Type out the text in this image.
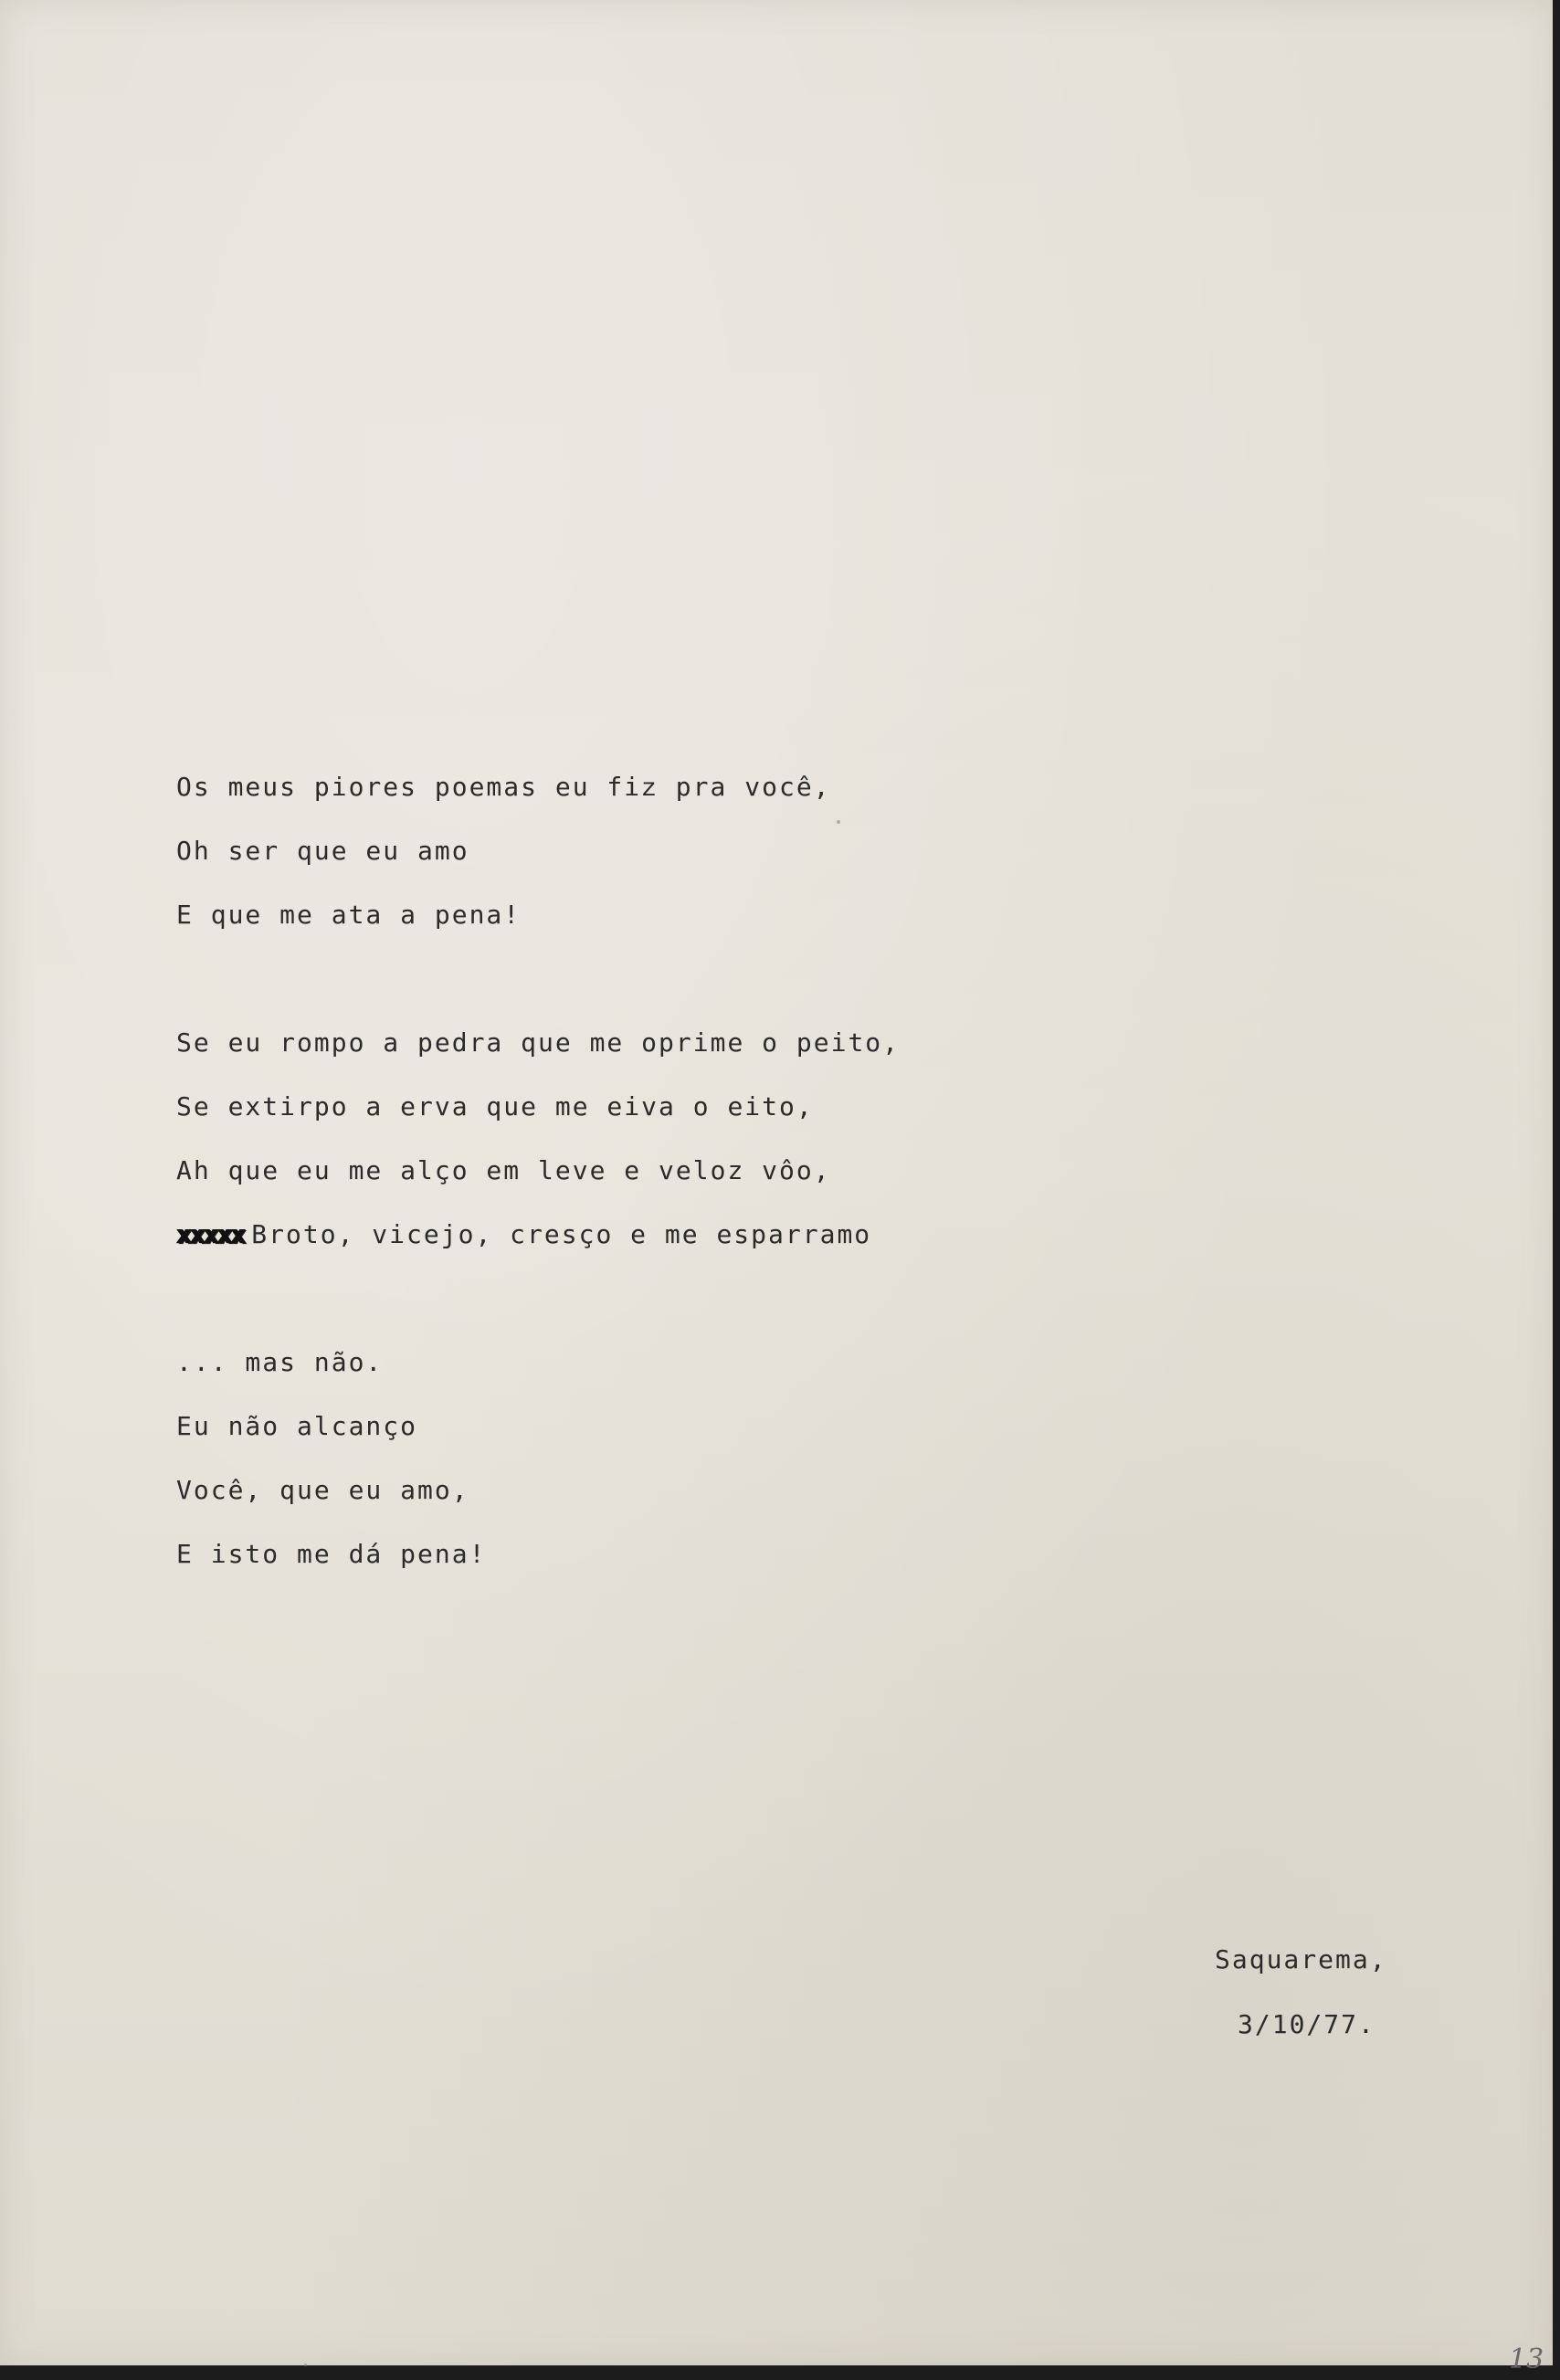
Os meus piores poemas eu fiᴢ pra você,
Oh ser que eu amo
E que me ata a pena!
Se eu rompo a pedra que me oprime o peito,
Se extirpo a erva que me eiva o eito,
Ah que eu me alço em leve e veloz vôo,
xxxxx Broto, vicejo, cresço e me esparramo
... mas não.
Eu não alcanço
Você, que eu amo,
E isto me dá pena!
Saquarema,
3/10/77.
13
